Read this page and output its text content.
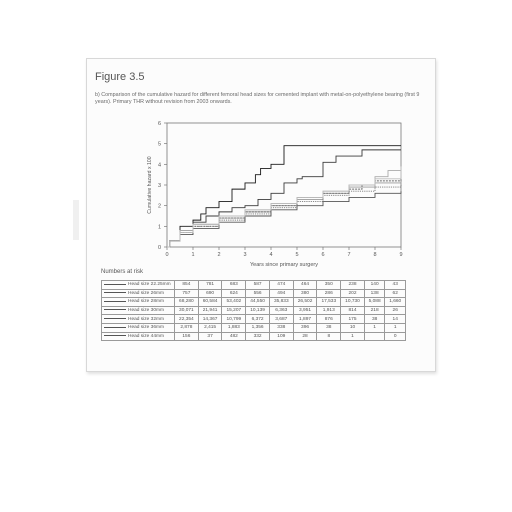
Figure 3.5
b) Comparison of the cumulative hazard for different femoral head sizes for cemented implant with metal-on-polyethylene bearing (first 9 years). Primary THR without revision from 2003 onwards.
0	1	2	3	4	5	6	7	8	9
0
1
2
3
4
5
6
Years since primary surgery
Cumulative hazard x 100
Numbers at risk
Head size 22.25mm	854	781	683	587	474	464	350	238	140	43
Head size 26mm	757	690	624	556	494	380	286	202	138	62
Head size 28mm	68,280	60,584	53,402	44,550	35,833	26,502	17,533	10,730	5,088	1,660
Head size 30mm	30,071	21,941	15,207	10,139	6,363	3,951	1,913	814	218	26
Head size 32mm	22,354	14,367	10,799	6,372	3,687	1,897	876	175	38	14
Head size 36mm	2,878	2,415	1,883	1,356	338	396	38	10	1	1
Head size 44mm	156	37	482	332	109	28	8	1		0
